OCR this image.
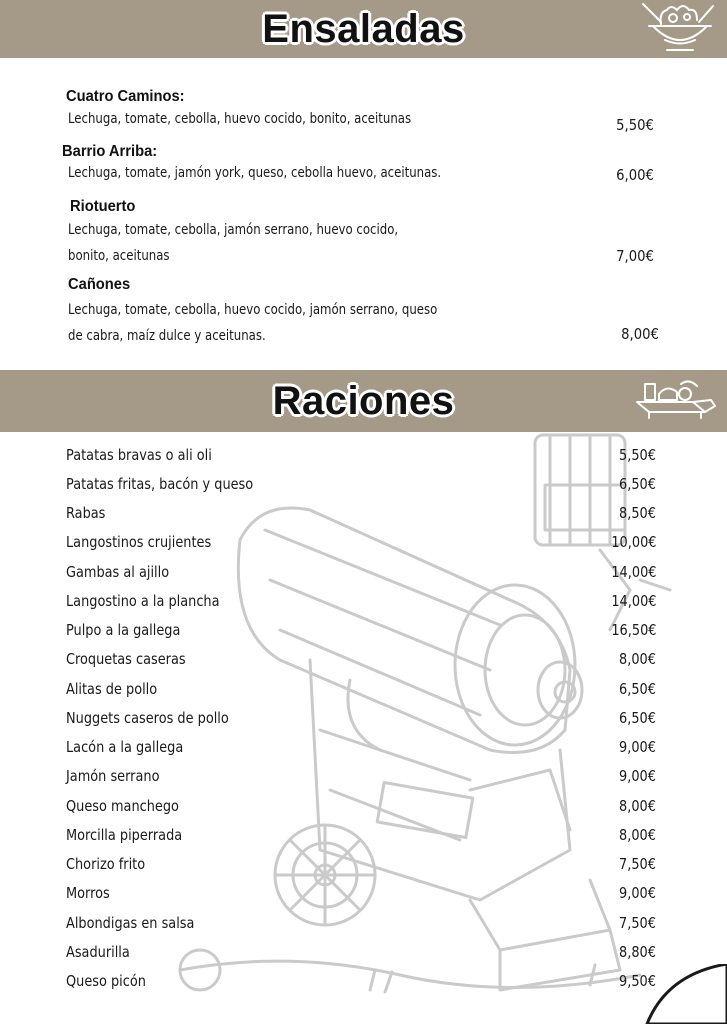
Ensaladas
Cuatro Caminos:
Lechuga, tomate, cebolla, huevo cocido, bonito, aceitunas	5,50€
Barrio Arriba:
Lechuga, tomate, jamón york, queso, cebolla huevo, aceitunas.	6,00€
Riotuerto
Lechuga, tomate, cebolla, jamón serrano, huevo cocido,
bonito, aceitunas	7,00€
Cañones
Lechuga, tomate, cebolla, huevo cocido, jamón serrano, queso
de cabra, maíz dulce y aceitunas.	8,00€
Raciones
Patatas bravas o ali oli	5,50€
Patatas fritas, bacón y queso	6,50€
Rabas	8,50€
Langostinos crujientes	10,00€
Gambas al ajillo	14,00€
Langostino a la plancha	14,00€
Pulpo a la gallega	16,50€
Croquetas caseras	8,00€
Alitas de pollo	6,50€
Nuggets caseros de pollo	6,50€
Lacón a la gallega	9,00€
Jamón serrano	9,00€
Queso manchego	8,00€
Morcilla piperrada	8,00€
Chorizo frito	7,50€
Morros	9,00€
Albondigas en salsa	7,50€
Asadurilla	8,80€
Queso picón	9,50€
